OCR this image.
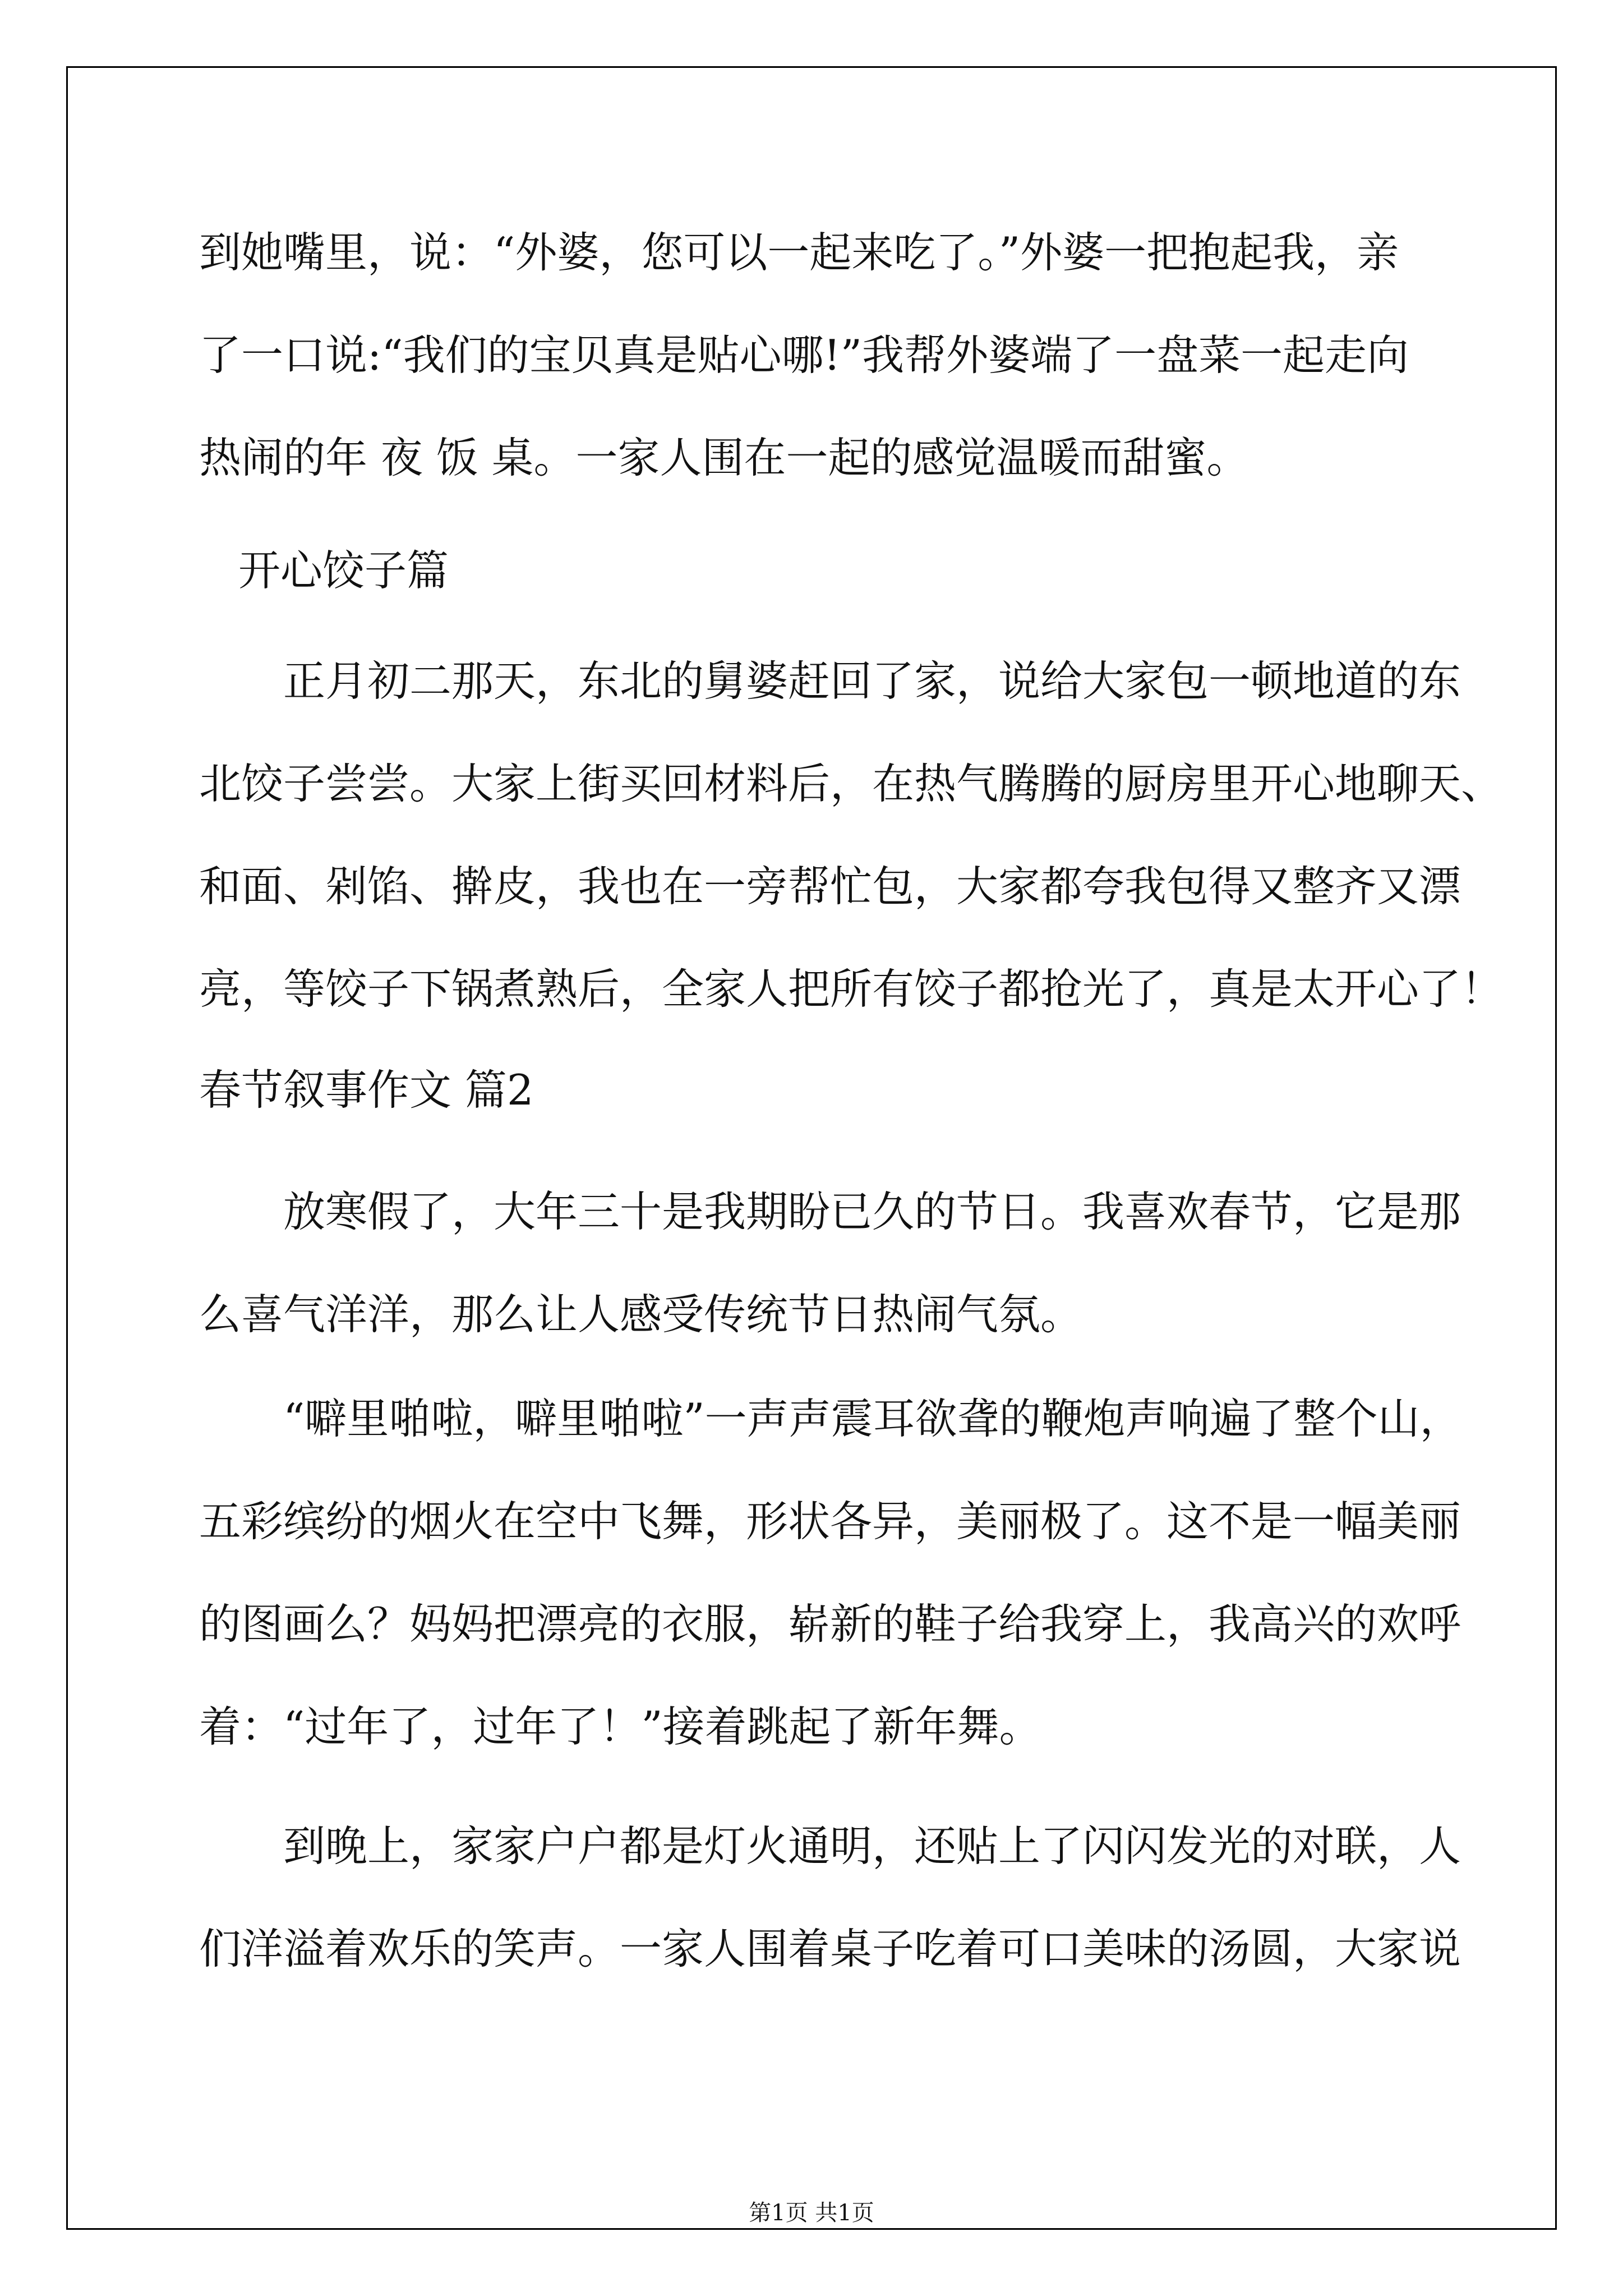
到她嘴里，说：“外婆，您可以一起来吃了。”外婆一把抱起我，亲

了一口说:“我们的宝贝真是贴心哪!”我帮外婆端了一盘菜一起走向

热闹的年 夜 饭 桌。一家人围在一起的感觉温暖而甜蜜。

开心饺子篇

正月初二那天，东北的舅婆赶回了家，说给大家包一顿地道的东

北饺子尝尝。大家上街买回材料后，在热气腾腾的厨房里开心地聊天、

和面、剁馅、擀皮，我也在一旁帮忙包，大家都夸我包得又整齐又漂

亮，等饺子下锅煮熟后，全家人把所有饺子都抢光了，真是太开心了！

春节叙事作文 篇2

放寒假了，大年三十是我期盼已久的节日。我喜欢春节，它是那

么喜气洋洋，那么让人感受传统节日热闹气氛。

“噼里啪啦，噼里啪啦”一声声震耳欲聋的鞭炮声响遍了整个山，

五彩缤纷的烟火在空中飞舞，形状各异，美丽极了。这不是一幅美丽

的图画么？妈妈把漂亮的衣服，崭新的鞋子给我穿上，我高兴的欢呼

着：“过年了，过年了！”接着跳起了新年舞。

到晚上，家家户户都是灯火通明，还贴上了闪闪发光的对联，人

们洋溢着欢乐的笑声。一家人围着桌子吃着可口美味的汤圆，大家说

第1页 共1页
